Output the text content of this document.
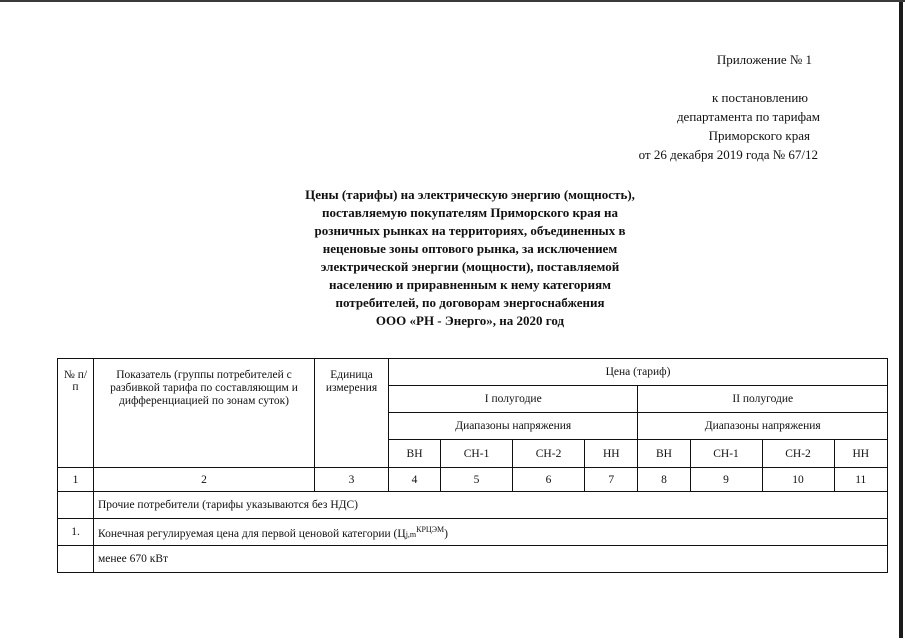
Приложение № 1
к постановлению
департамента по тарифам
Приморского края
от 26 декабря 2019 года № 67/12
Цены (тарифы) на электрическую энергию (мощность),
поставляемую покупателям Приморского края на
розничных рынках на территориях, объединенных в
неценовые зоны оптового рынка, за исключением
электрической энергии (мощности), поставляемой
населению и приравненным к нему категориям
потребителей, по договорам энергоснабжения
ООО «РН - Энерго», на 2020 год
№ п/п	Показатель (группы потребителей с разбивкой тарифа по составляющим и дифференциацией по зонам суток)	Единица измерения	Цена (тариф)							
			I полугодие				II полугодие			
			Диапазоны напряжения				Диапазоны напряжения			
			ВН	СН-1	СН-2	НН	ВН	СН-1	СН-2	НН
1	2	3	4	5	6	7	8	9	10	11
	Прочие потребители (тарифы указываются без НДС)									
1.	Конечная регулируемая цена для первой ценовой категории $(Цj,m^{КРЦЭМ})$									
	менее 670 кВт									
